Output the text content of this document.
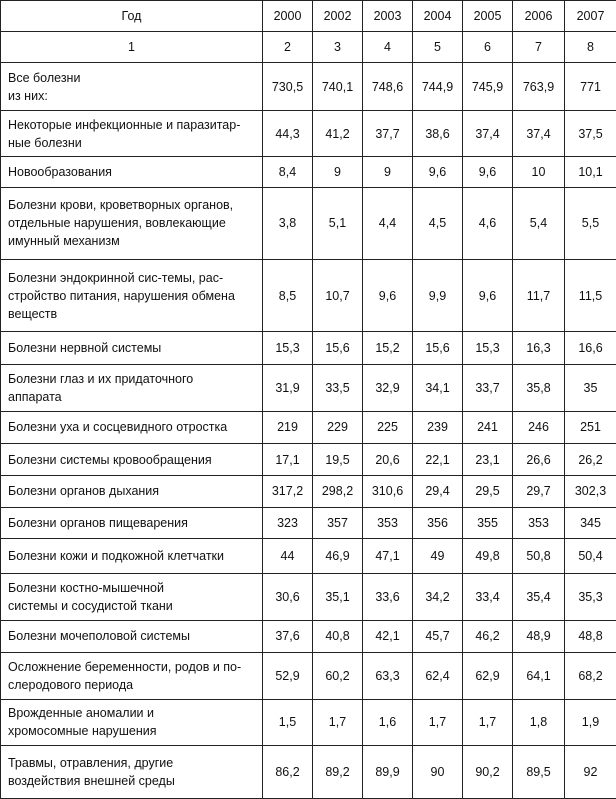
Год	2000	2002	2003	2004	2005	2006	2007
1	2	3	4	5	6	7	8
Все болезни
из них:	730,5	740,1	748,6	744,9	745,9	763,9	771
Некоторые инфекционные и паразитар-
ные болезни	44,3	41,2	37,7	38,6	37,4	37,4	37,5
Новообразования	8,4	9	9	9,6	9,6	10	10,1
Болезни крови, кроветворных органов,
отдельные нарушения, вовлекающие
имунный механизм	3,8	5,1	4,4	4,5	4,6	5,4	5,5
Болезни эндокринной сис-темы, рас-
стройство питания, нарушения обмена
веществ	8,5	10,7	9,6	9,9	9,6	11,7	11,5
Болезни нервной системы	15,3	15,6	15,2	15,6	15,3	16,3	16,6
Болезни глаз и их придаточного
аппарата	31,9	33,5	32,9	34,1	33,7	35,8	35
Болезни уха и сосцевидного отростка	219	229	225	239	241	246	251
Болезни системы кровообращения	17,1	19,5	20,6	22,1	23,1	26,6	26,2
Болезни органов дыхания	317,2	298,2	310,6	29,4	29,5	29,7	302,3
Болезни органов пищеварения	323	357	353	356	355	353	345
Болезни кожи и подкожной клетчатки	44	46,9	47,1	49	49,8	50,8	50,4
Болезни костно-мышечной
системы и сосудистой ткани	30,6	35,1	33,6	34,2	33,4	35,4	35,3
Болезни мочеполовой системы	37,6	40,8	42,1	45,7	46,2	48,9	48,8
Осложнение беременности, родов и по-
слеродового периода	52,9	60,2	63,3	62,4	62,9	64,1	68,2
Врожденные аномалии и
хромосомные нарушения	1,5	1,7	1,6	1,7	1,7	1,8	1,9
Травмы, отравления, другие
воздействия внешней среды	86,2	89,2	89,9	90	90,2	89,5	92
